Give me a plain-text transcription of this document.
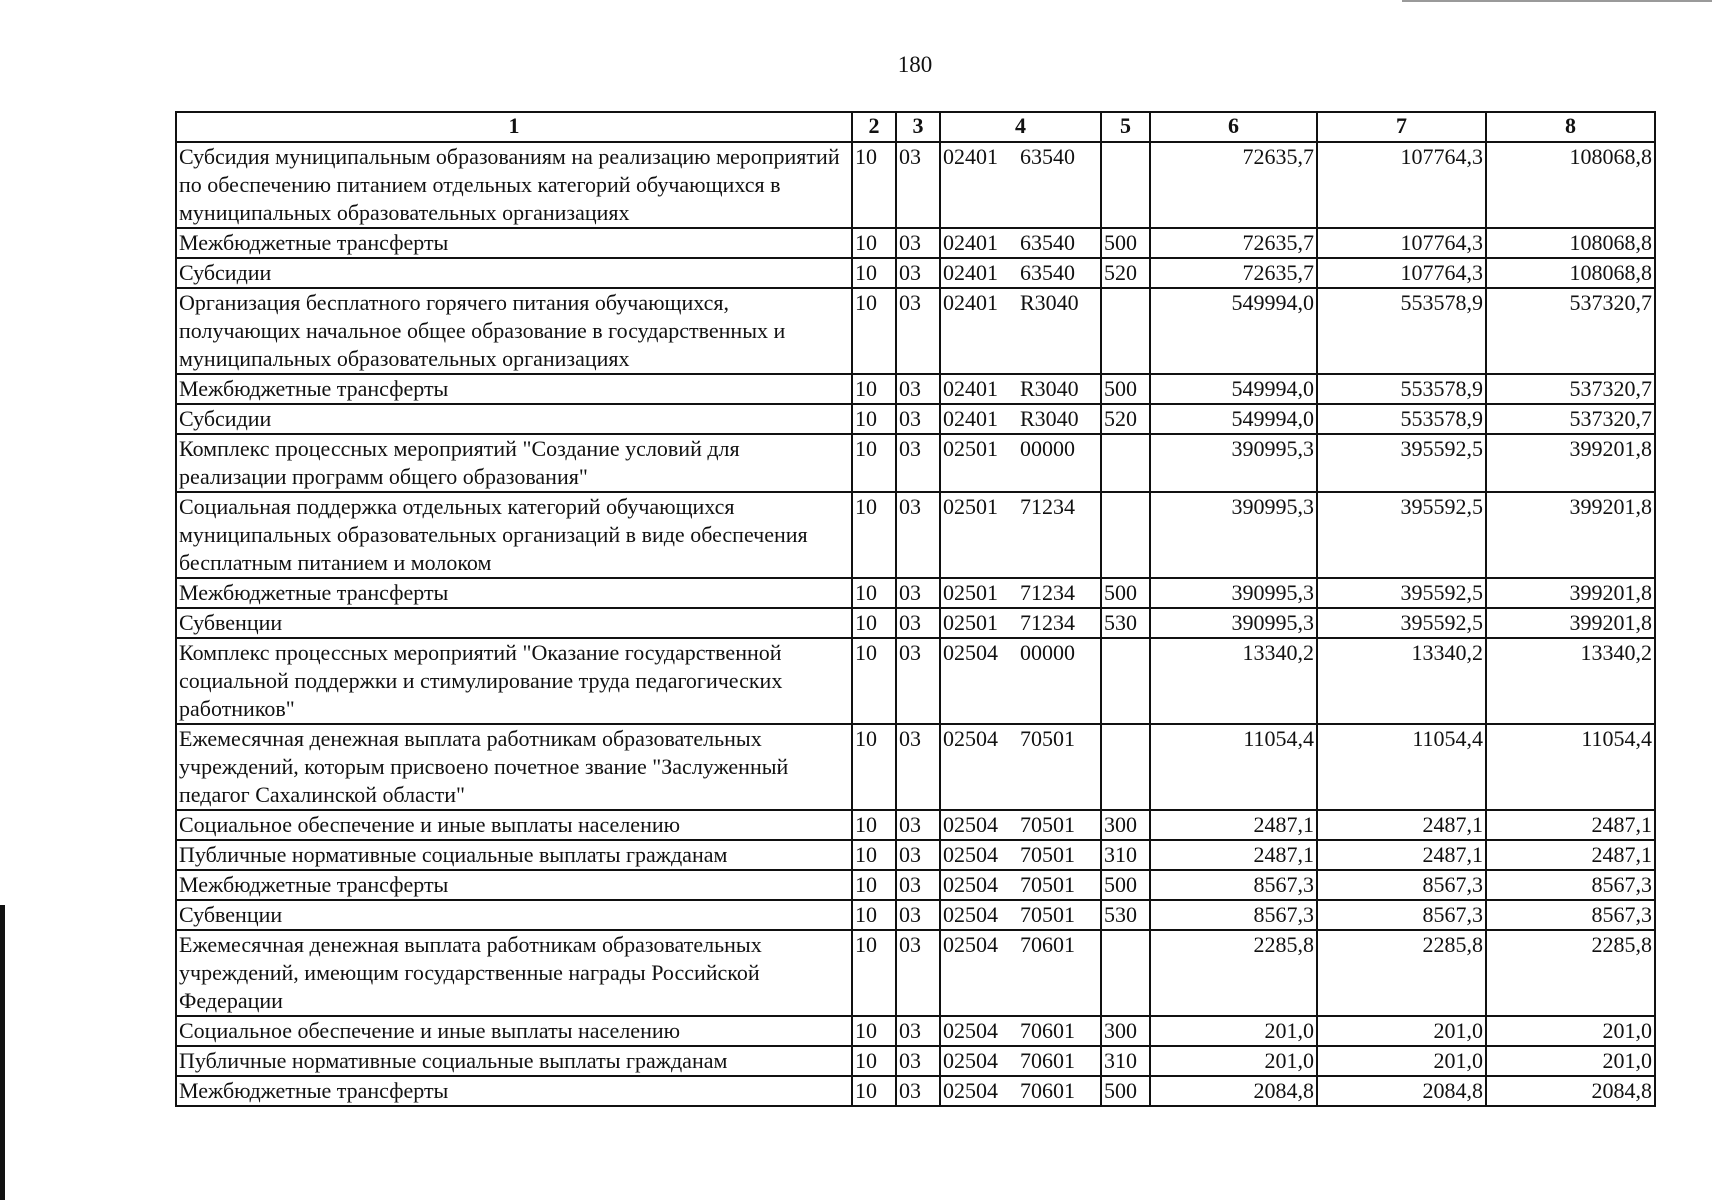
180
1	2	3	4	5	6	7	8
Субсидия муниципальным образованиям на реализацию мероприятий по обеспечению питанием отдельных категорий обучающихся в муниципальных образовательных организациях	10	03	02401 63540		72635,7	107764,3	108068,8
Межбюджетные трансферты	10	03	02401 63540	500	72635,7	107764,3	108068,8
Субсидии	10	03	02401 63540	520	72635,7	107764,3	108068,8
Организация бесплатного горячего питания обучающихся, получающих начальное общее образование в государственных и муниципальных образовательных организациях	10	03	02401 R3040		549994,0	553578,9	537320,7
Межбюджетные трансферты	10	03	02401 R3040	500	549994,0	553578,9	537320,7
Субсидии	10	03	02401 R3040	520	549994,0	553578,9	537320,7
Комплекс процессных мероприятий "Создание условий для реализации программ общего образования"	10	03	02501 00000		390995,3	395592,5	399201,8
Социальная поддержка отдельных категорий обучающихся муниципальных образовательных организаций в виде обеспечения бесплатным питанием и молоком	10	03	02501 71234		390995,3	395592,5	399201,8
Межбюджетные трансферты	10	03	02501 71234	500	390995,3	395592,5	399201,8
Субвенции	10	03	02501 71234	530	390995,3	395592,5	399201,8
Комплекс процессных мероприятий "Оказание государственной социальной поддержки и стимулирование труда педагогических работников"	10	03	02504 00000		13340,2	13340,2	13340,2
Ежемесячная денежная выплата работникам образовательных учреждений, которым присвоено почетное звание "Заслуженный педагог Сахалинской области"	10	03	02504 70501		11054,4	11054,4	11054,4
Социальное обеспечение и иные выплаты населению	10	03	02504 70501	300	2487,1	2487,1	2487,1
Публичные нормативные социальные выплаты гражданам	10	03	02504 70501	310	2487,1	2487,1	2487,1
Межбюджетные трансферты	10	03	02504 70501	500	8567,3	8567,3	8567,3
Субвенции	10	03	02504 70501	530	8567,3	8567,3	8567,3
Ежемесячная денежная выплата работникам образовательных учреждений, имеющим государственные награды Российской Федерации	10	03	02504 70601		2285,8	2285,8	2285,8
Социальное обеспечение и иные выплаты населению	10	03	02504 70601	300	201,0	201,0	201,0
Публичные нормативные социальные выплаты гражданам	10	03	02504 70601	310	201,0	201,0	201,0
Межбюджетные трансферты	10	03	02504 70601	500	2084,8	2084,8	2084,8
